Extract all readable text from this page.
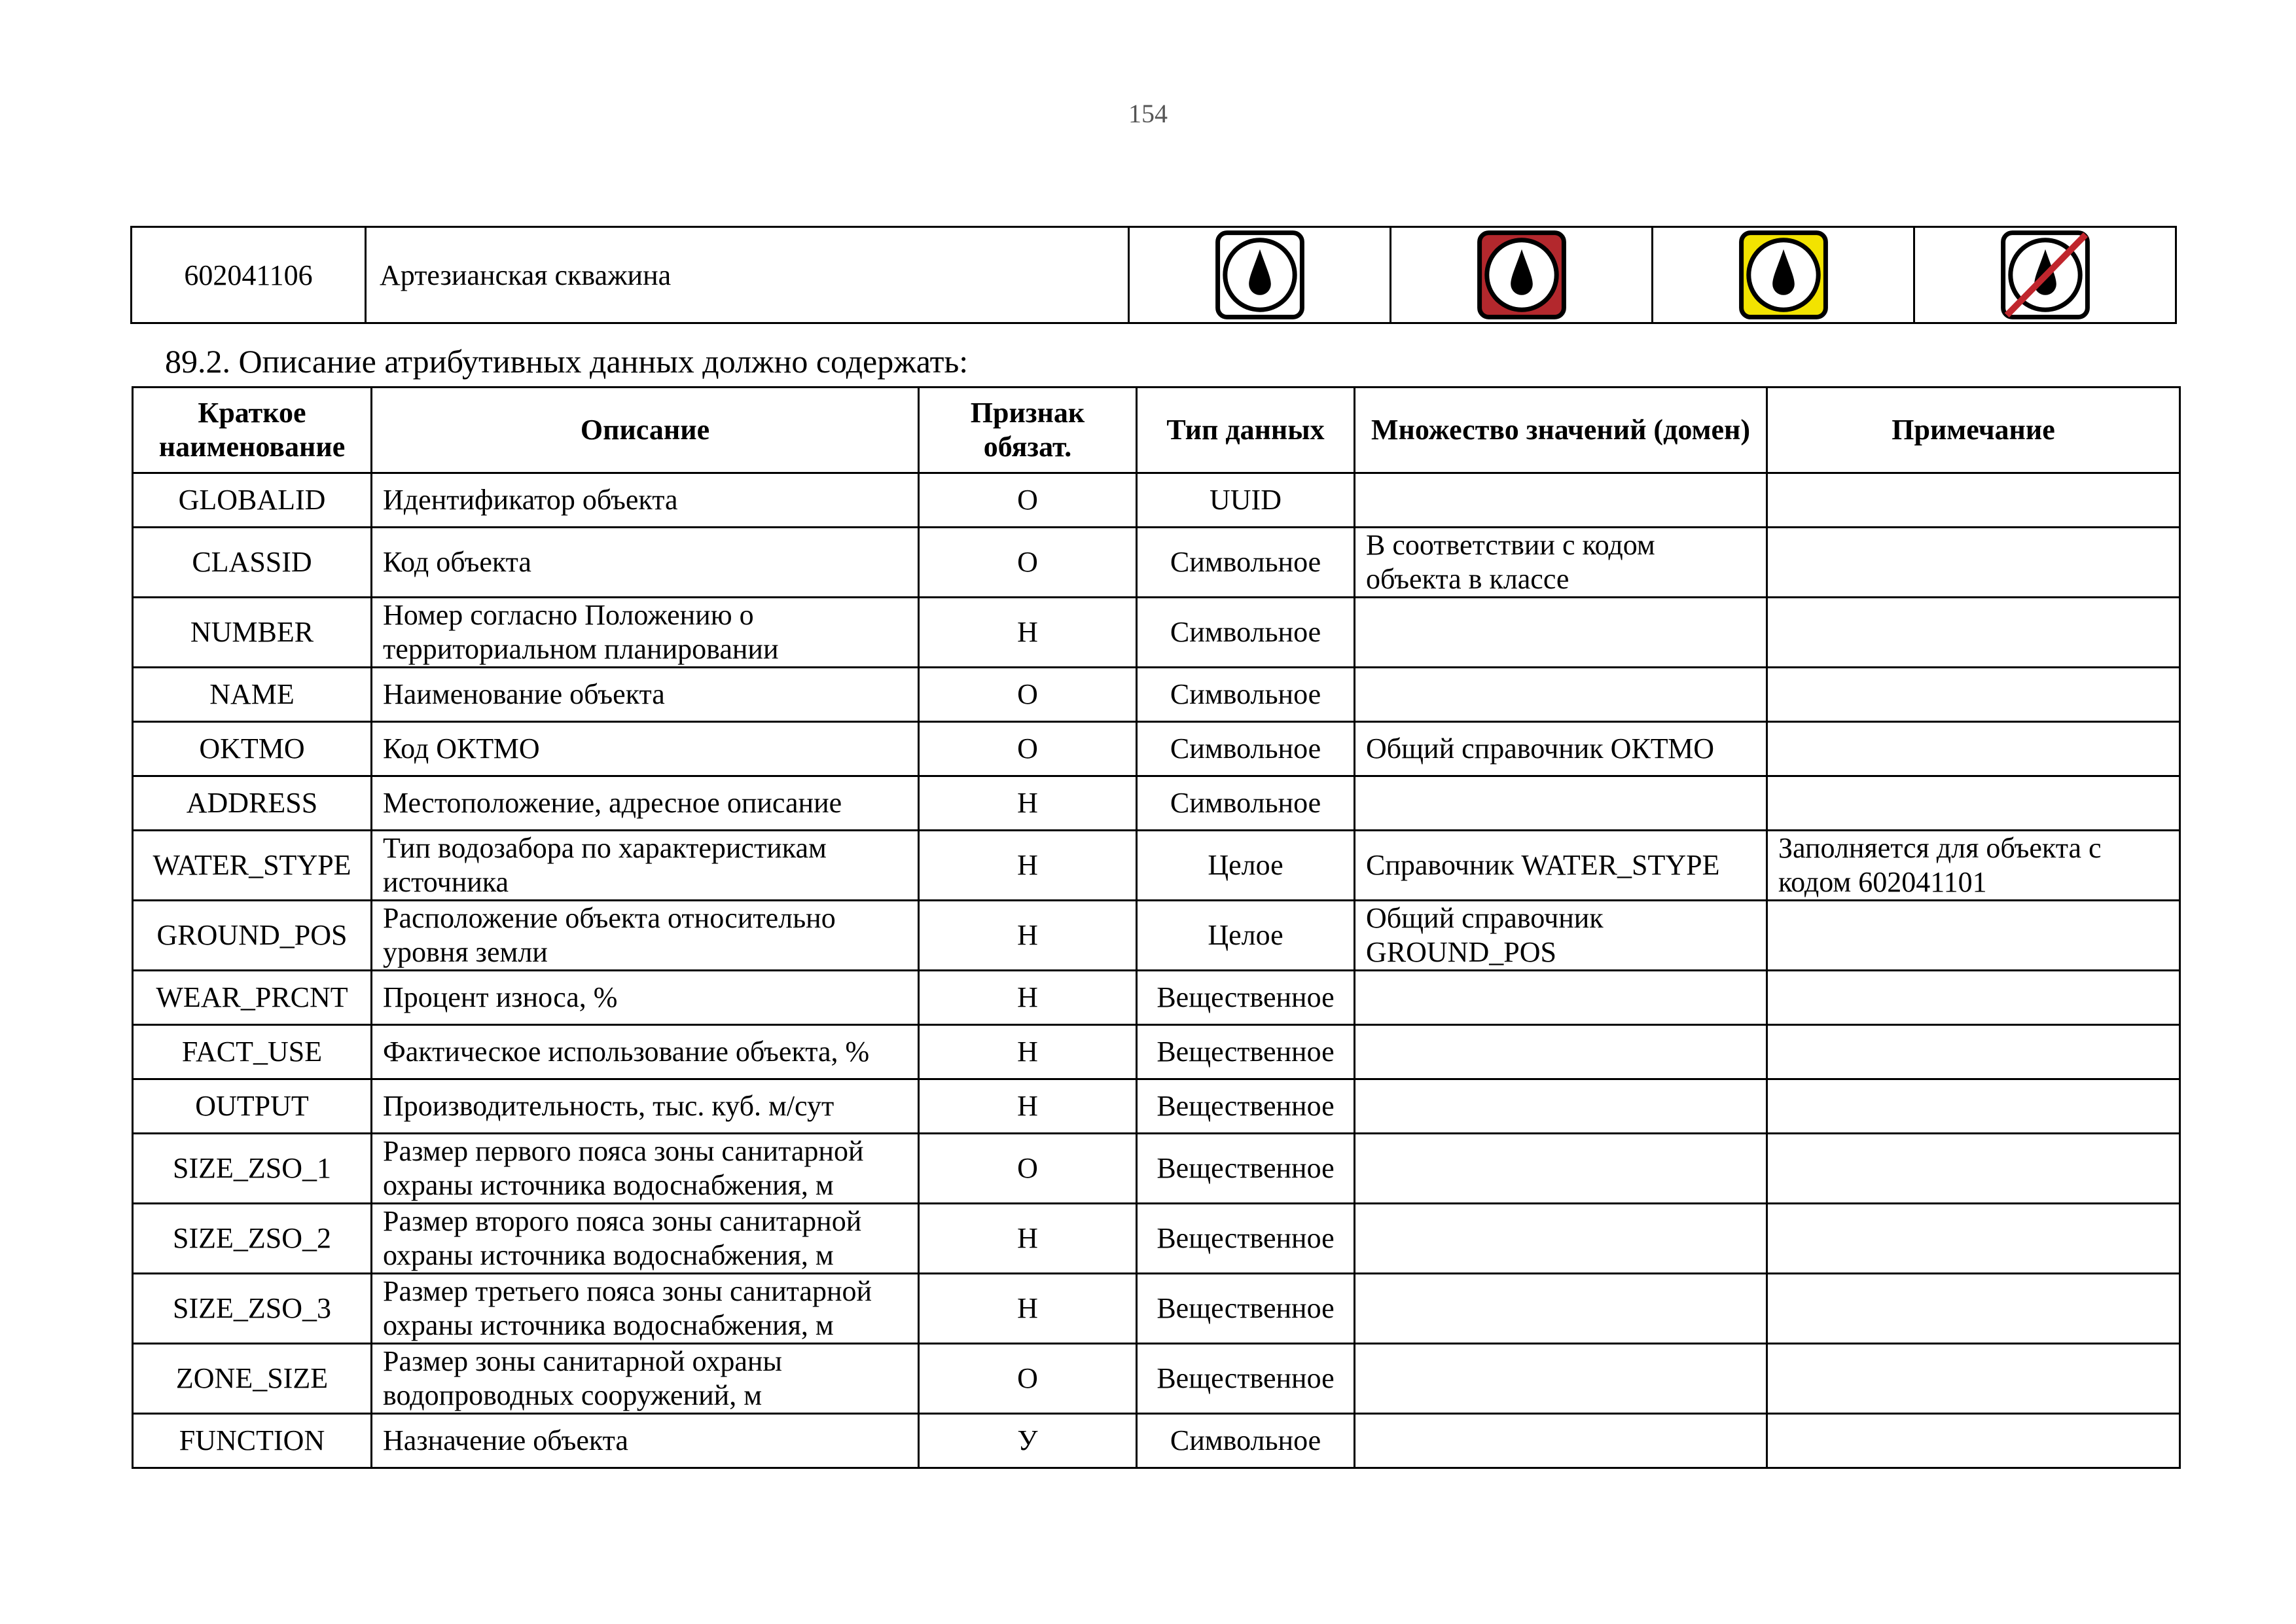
154
602041106	Артезианская скважина				
89.2. Описание атрибутивных данных должно содержать:
Краткое наименование	Описание	Признак обязат.	Тип данных	Множество значений (домен)	Примечание
GLOBALID	Идентификатор объекта	О	UUID		
CLASSID	Код объекта	О	Символьное	В соответствии с кодом объекта в классе	
NUMBER	Номер согласно Положению о территориальном планировании	Н	Символьное		
NAME	Наименование объекта	О	Символьное		
OKTMO	Код ОКТМО	О	Символьное	Общий справочник ОКТМО	
ADDRESS	Местоположение, адресное описание	Н	Символьное		
WATER_STYPE	Тип водозабора по характеристикам источника	Н	Целое	Справочник WATER_STYPE	Заполняется для объекта с кодом 602041101
GROUND_POS	Расположение объекта относительно уровня земли	Н	Целое	Общий справочник GROUND_POS	
WEAR_PRCNT	Процент износа, %	Н	Вещественное		
FACT_USE	Фактическое использование объекта, %	Н	Вещественное		
OUTPUT	Производительность, тыс. куб. м/сут	Н	Вещественное		
SIZE_ZSO_1	Размер первого пояса зоны санитарной охраны источника водоснабжения, м	О	Вещественное		
SIZE_ZSO_2	Размер второго пояса зоны санитарной охраны источника водоснабжения, м	Н	Вещественное		
SIZE_ZSO_3	Размер третьего пояса зоны санитарной охраны источника водоснабжения, м	Н	Вещественное		
ZONE_SIZE	Размер зоны санитарной охраны водопроводных сооружений, м	О	Вещественное		
FUNCTION	Назначение объекта	У	Символьное		
